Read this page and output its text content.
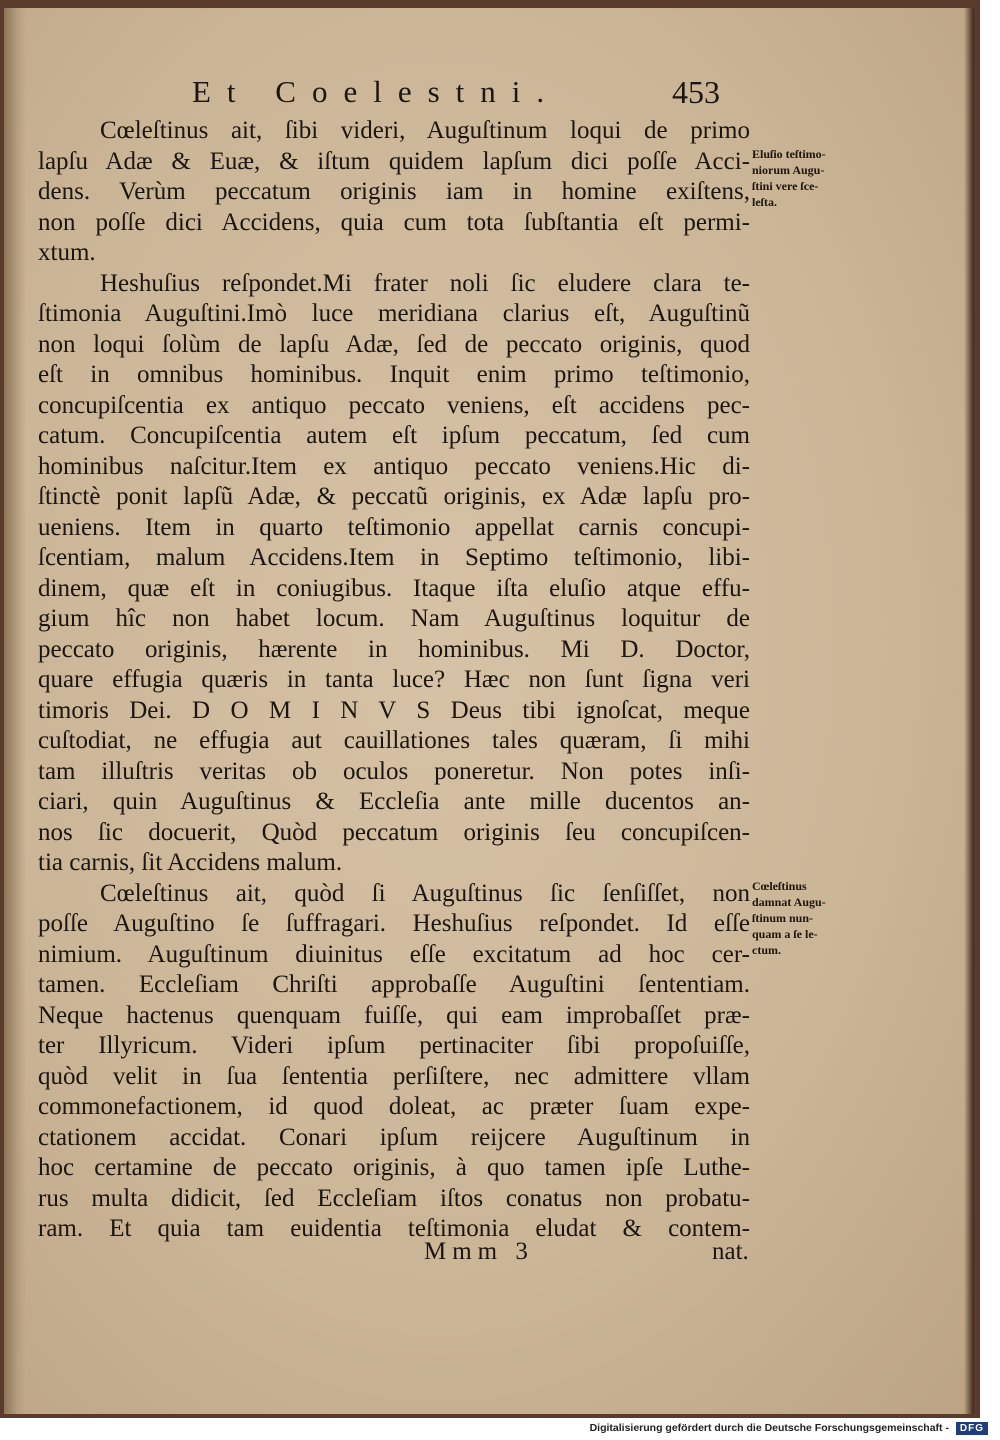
Et Coelestni.	453
Cœleſtinus ait, ſibi videri, Auguſtinum loqui de primo
lapſu Adæ & Euæ, & iſtum quidem lapſum dici poſſe Acci-
dens. Verùm peccatum originis iam in homine exiſtens,
non poſſe dici Accidens, quia cum tota ſubſtantia eſt permi-
xtum.
Heshuſius reſpondet.Mi frater noli ſic eludere clara te-
ſtimonia Auguſtini.Imò luce meridiana clarius eſt, Auguſtinũ
non loqui ſolùm de lapſu Adæ, ſed de peccato originis, quod
eſt in omnibus hominibus. Inquit enim primo teſtimonio,
concupiſcentia ex antiquo peccato veniens, eſt accidens pec-
catum. Concupiſcentia autem eſt ipſum peccatum, ſed cum
hominibus naſcitur.Item ex antiquo peccato veniens.Hic di-
ſtinctè ponit lapſũ Adæ, & peccatũ originis, ex Adæ lapſu pro-
ueniens. Item in quarto teſtimonio appellat carnis concupi-
ſcentiam, malum Accidens.Item in Septimo teſtimonio, libi-
dinem, quæ eſt in coniugibus. Itaque iſta eluſio atque effu-
gium hîc non habet locum. Nam Auguſtinus loquitur de
peccato originis, hærente in hominibus. Mi D. Doctor,
quare effugia quæris in tanta luce? Hæc non ſunt ſigna veri
timoris Dei. D O M I N V S Deus tibi ignoſcat, meque
cuſtodiat, ne effugia aut cauillationes tales quæram, ſi mihi
tam illuſtris veritas ob oculos poneretur. Non potes inſi-
ciari, quin Auguſtinus & Eccleſia ante mille ducentos an-
nos ſic docuerit, Quòd peccatum originis ſeu concupiſcen-
tia carnis, ſit Accidens malum.
Cœleſtinus ait, quòd ſi Auguſtinus ſic ſenſiſſet, non
poſſe Auguſtino ſe ſuffragari. Heshuſius reſpondet. Id eſſe
nimium. Auguſtinum diuinitus eſſe excitatum ad hoc cer-
tamen. Eccleſiam Chriſti approbaſſe Auguſtini ſententiam.
Neque hactenus quenquam fuiſſe, qui eam improbaſſet præ-
ter Illyricum. Videri ipſum pertinaciter ſibi propoſuiſſe,
quòd velit in ſua ſententia perſiſtere, nec admittere vllam
commonefactionem, id quod doleat, ac præter ſuam expe-
ctationem accidat. Conari ipſum reijcere Auguſtinum in
hoc certamine de peccato originis, à quo tamen ipſe Luthe-
rus multa didicit, ſed Eccleſiam iſtos conatus non probatu-
ram. Et quia tam euidentia teſtimonia eludat & contem-
Eluſio teſtimo-
niorum Augu-
ſtini vere ſce-
leſta.
Cœleſtinus
damnat Augu-
ſtinum nun-
quam a ſe le-
ctum.
Mmm 3	nat.
Digitalisierung gefördert durch die Deutsche Forschungsgemeinschaft - DFG
